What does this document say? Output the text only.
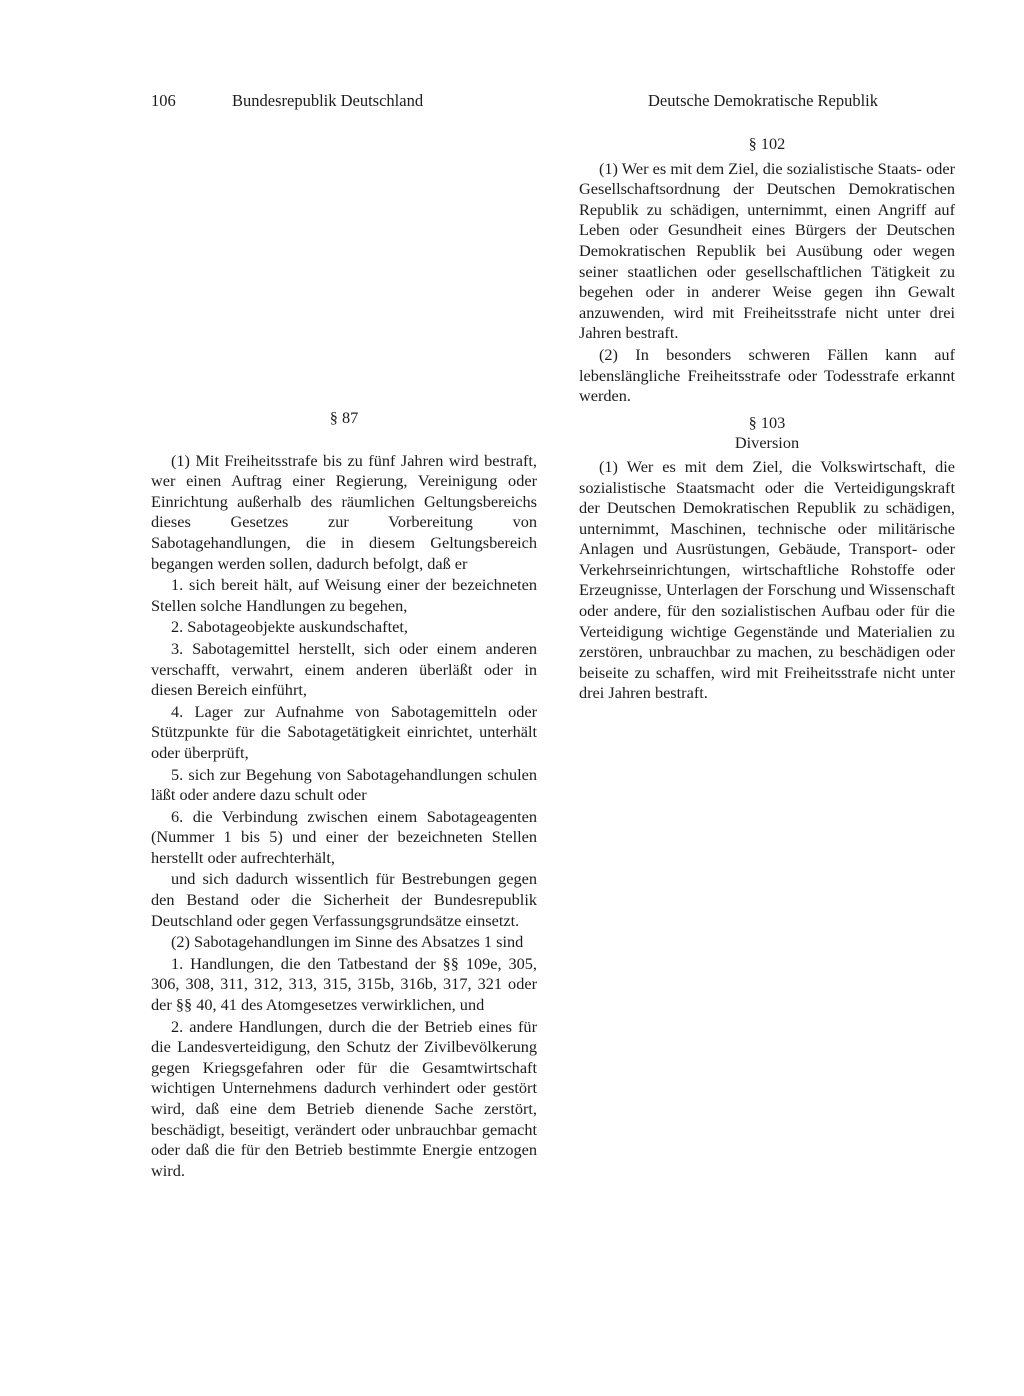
106	Bundesrepublik Deutschland	Deutsche Demokratische Republik
§ 87

(1) Mit Freiheitsstrafe bis zu fünf Jahren wird bestraft, wer einen Auftrag einer Regierung, Vereinigung oder Einrichtung außerhalb des räumlichen Geltungsbereichs dieses Gesetzes zur Vorbereitung von Sabotagehandlungen, die in diesem Geltungsbereich begangen werden sollen, dadurch befolgt, daß er

1. sich bereit hält, auf Weisung einer der bezeichneten Stellen solche Handlungen zu begehen,

2. Sabotageobjekte auskundschaftet,

3. Sabotagemittel herstellt, sich oder einem anderen verschafft, verwahrt, einem anderen überläßt oder in diesen Bereich einführt,

4. Lager zur Aufnahme von Sabotagemitteln oder Stützpunkte für die Sabotagetätigkeit einrichtet, unterhält oder überprüft,

5. sich zur Begehung von Sabotagehandlungen schulen läßt oder andere dazu schult oder

6. die Verbindung zwischen einem Sabotageagenten (Nummer 1 bis 5) und einer der bezeichneten Stellen herstellt oder aufrechterhält,

und sich dadurch wissentlich für Bestrebungen gegen den Bestand oder die Sicherheit der Bundesrepublik Deutschland oder gegen Verfassungsgrundsätze einsetzt.

(2) Sabotagehandlungen im Sinne des Absatzes 1 sind

1. Handlungen, die den Tatbestand der §§ 109e, 305, 306, 308, 311, 312, 313, 315, 315b, 316b, 317, 321 oder der §§ 40, 41 des Atomgesetzes verwirklichen, und

2. andere Handlungen, durch die der Betrieb eines für die Landesverteidigung, den Schutz der Zivilbevölkerung gegen Kriegsgefahren oder für die Gesamtwirtschaft wichtigen Unternehmens dadurch verhindert oder gestört wird, daß eine dem Betrieb dienende Sache zerstört, beschädigt, beseitigt, verändert oder unbrauchbar gemacht oder daß die für den Betrieb bestimmte Energie entzogen wird.

§ 102

(1) Wer es mit dem Ziel, die sozialistische Staats- oder Gesellschaftsordnung der Deutschen Demokratischen Republik zu schädigen, unternimmt, einen Angriff auf Leben oder Gesundheit eines Bürgers der Deutschen Demokratischen Republik bei Ausübung oder wegen seiner staatlichen oder gesellschaftlichen Tätigkeit zu begehen oder in anderer Weise gegen ihn Gewalt anzuwenden, wird mit Freiheitsstrafe nicht unter drei Jahren bestraft.

(2) In besonders schweren Fällen kann auf lebenslängliche Freiheitsstrafe oder Todesstrafe erkannt werden.

§ 103
Diversion

(1) Wer es mit dem Ziel, die Volkswirtschaft, die sozialistische Staatsmacht oder die Verteidigungskraft der Deutschen Demokratischen Republik zu schädigen, unternimmt, Maschinen, technische oder militärische Anlagen und Ausrüstungen, Gebäude, Transport- oder Verkehrseinrichtungen, wirtschaftliche Rohstoffe oder Erzeugnisse, Unterlagen der Forschung und Wissenschaft oder andere, für den sozialistischen Aufbau oder für die Verteidigung wichtige Gegenstände und Materialien zu zerstören, unbrauchbar zu machen, zu beschädigen oder beiseite zu schaffen, wird mit Freiheitsstrafe nicht unter drei Jahren bestraft.
